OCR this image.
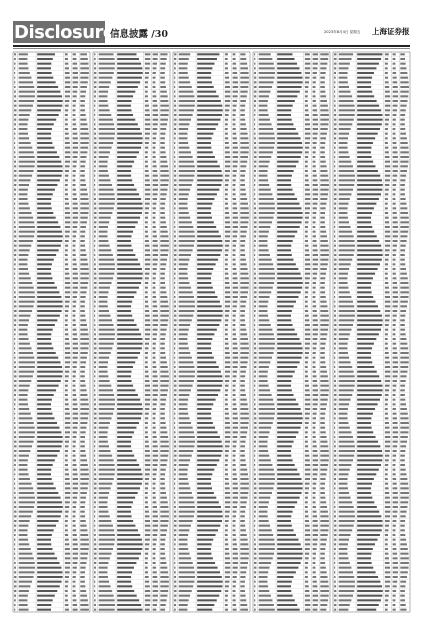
Disclosure
信息披露 /30	2023年8月4日 星期五 上海证券报
